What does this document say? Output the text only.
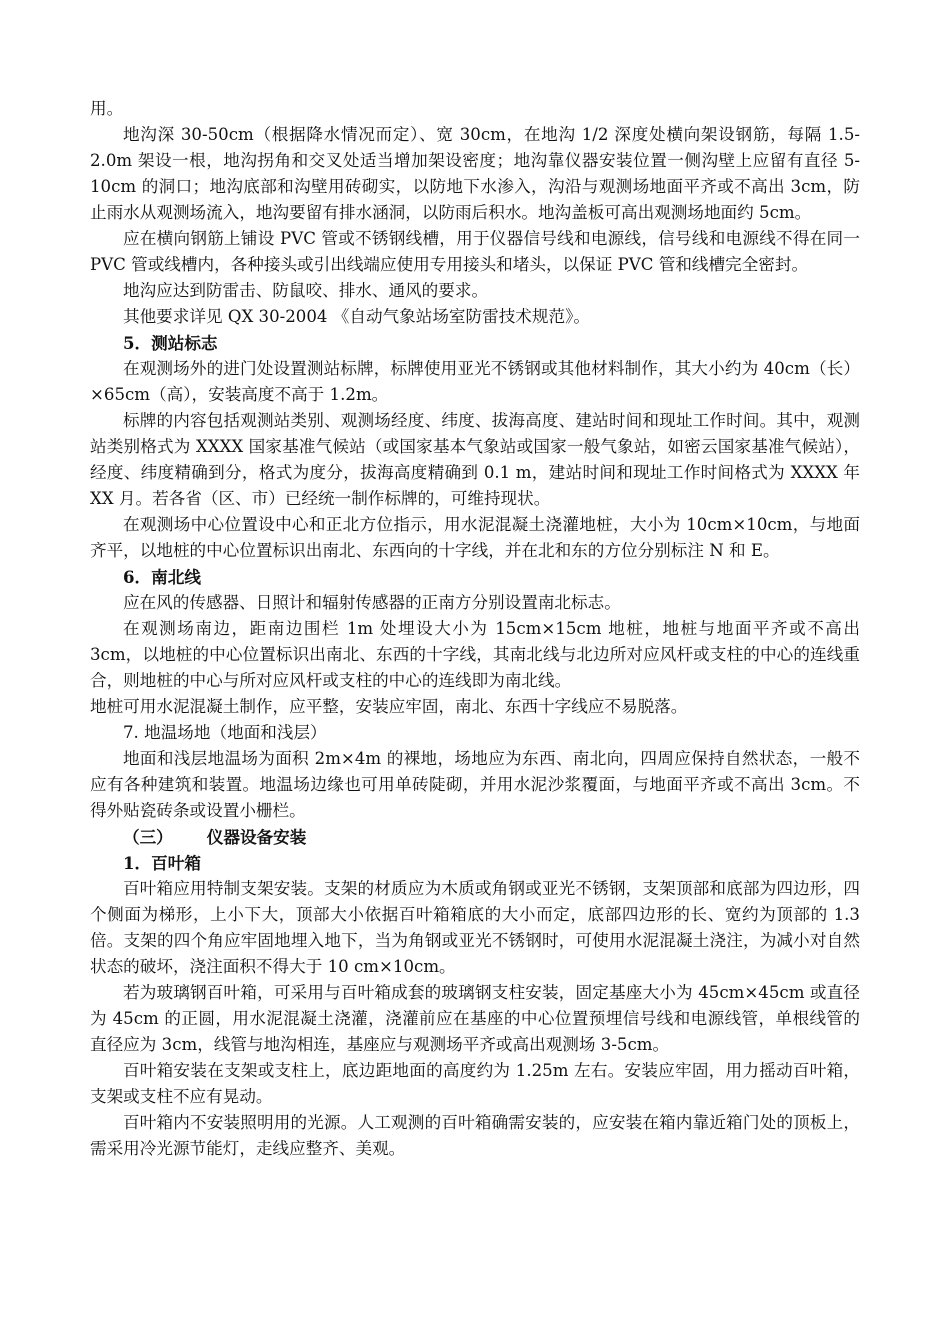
用。

地沟深 30-50cm（根据降水情况而定）、宽 30cm，在地沟 1/2 深度处横向架设钢筋，每隔 1.5-2.0m 架设一根，地沟拐角和交叉处适当增加架设密度；地沟靠仪器安装位置一侧沟壁上应留有直径 5-10cm 的洞口；地沟底部和沟壁用砖砌实，以防地下水渗入，沟沿与观测场地面平齐或不高出 3cm，防止雨水从观测场流入，地沟要留有排水涵洞，以防雨后积水。地沟盖板可高出观测场地面约 5cm。

应在横向钢筋上铺设 PVC 管或不锈钢线槽，用于仪器信号线和电源线，信号线和电源线不得在同一 PVC 管或线槽内，各种接头或引出线端应使用专用接头和堵头，以保证 PVC 管和线槽完全密封。

地沟应达到防雷击、防鼠咬、排水、通风的要求。

其他要求详见 QX 30-2004 《自动气象站场室防雷技术规范》。

5．测站标志

在观测场外的进门处设置测站标牌，标牌使用亚光不锈钢或其他材料制作，其大小约为 40cm（长）×65cm（高），安装高度不高于 1.2m。

标牌的内容包括观测站类别、观测场经度、纬度、拔海高度、建站时间和现址工作时间。其中，观测站类别格式为 XXXX 国家基准气候站（或国家基本气象站或国家一般气象站，如密云国家基准气候站），经度、纬度精确到分，格式为度分，拔海高度精确到 0.1 m，建站时间和现址工作时间格式为 XXXX 年 XX 月。若各省（区、市）已经统一制作标牌的，可维持现状。

在观测场中心位置设中心和正北方位指示，用水泥混凝土浇灌地桩，大小为 10cm×10cm，与地面齐平，以地桩的中心位置标识出南北、东西向的十字线，并在北和东的方位分别标注 N 和 E。

6．南北线

应在风的传感器、日照计和辐射传感器的正南方分别设置南北标志。

在观测场南边，距南边围栏 1m 处埋设大小为 15cm×15cm 地桩，地桩与地面平齐或不高出 3cm，以地桩的中心位置标识出南北、东西的十字线，其南北线与北边所对应风杆或支柱的中心的连线重合，则地桩的中心与所对应风杆或支柱的中心的连线即为南北线。

地桩可用水泥混凝土制作，应平整，安装应牢固，南北、东西十字线应不易脱落。

7. 地温场地（地面和浅层）

地面和浅层地温场为面积 2m×4m 的裸地，场地应为东西、南北向，四周应保持自然状态，一般不应有各种建筑和装置。地温场边缘也可用单砖陡砌，并用水泥沙浆覆面，与地面平齐或不高出 3cm。不得外贴瓷砖条或设置小栅栏。

（三） 仪器设备安装

1．百叶箱

百叶箱应用特制支架安装。支架的材质应为木质或角钢或亚光不锈钢，支架顶部和底部为四边形，四个侧面为梯形，上小下大，顶部大小依据百叶箱箱底的大小而定，底部四边形的长、宽约为顶部的 1.3 倍。支架的四个角应牢固地埋入地下，当为角钢或亚光不锈钢时，可使用水泥混凝土浇注，为减小对自然状态的破坏，浇注面积不得大于 10 cm×10cm。

若为玻璃钢百叶箱，可采用与百叶箱成套的玻璃钢支柱安装，固定基座大小为 45cm×45cm 或直径为 45cm 的正圆，用水泥混凝土浇灌，浇灌前应在基座的中心位置预埋信号线和电源线管，单根线管的直径应为 3cm，线管与地沟相连，基座应与观测场平齐或高出观测场 3-5cm。

百叶箱安装在支架或支柱上，底边距地面的高度约为 1.25m 左右。安装应牢固，用力摇动百叶箱，支架或支柱不应有晃动。

百叶箱内不安装照明用的光源。人工观测的百叶箱确需安装的，应安装在箱内靠近箱门处的顶板上，需采用冷光源节能灯，走线应整齐、美观。
